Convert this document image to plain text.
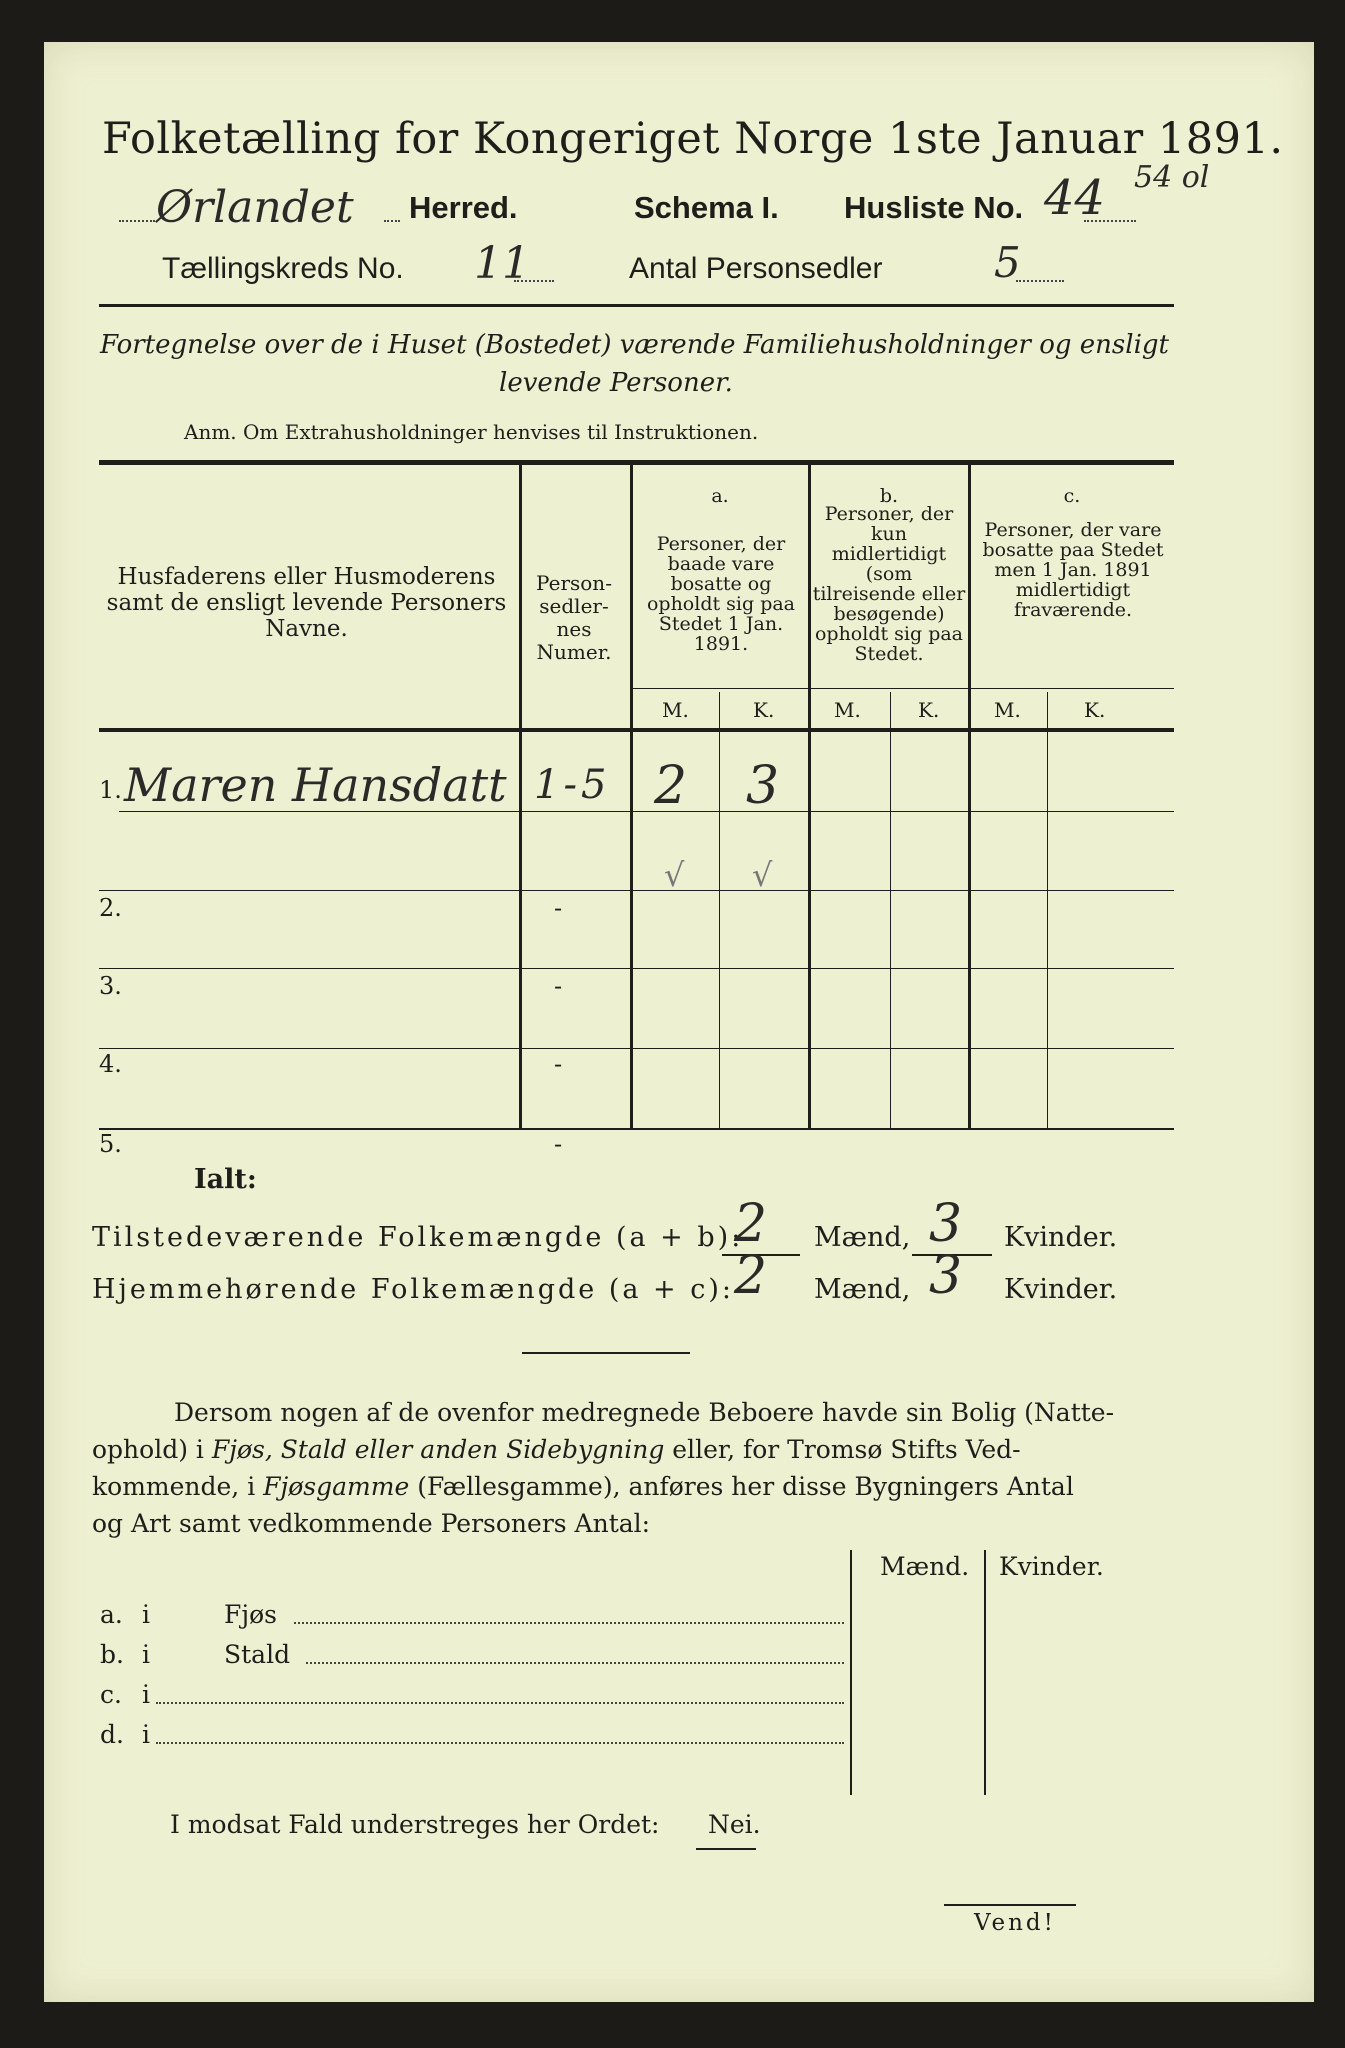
Folketælling for Kongeriget Norge 1ste Januar 1891.
54 ol
Ørlandet Herred.	Schema I. Husliste No. 44
Tællingskreds No. 11	Antal Personsedler	5
Fortegnelse over de i Huset (Bostedet) værende Familiehusholdninger og ensligt
levende Personer.
Anm. Om Extrahusholdninger henvises til Instruktionen.
Husfaderens eller Husmoderens samt de ensligt levende Personers Navne.
Person-sedler-nes Numer.
a.
Personer, der baade vare bosatte og opholdt sig paa Stedet 1 Jan. 1891.
b.
Personer, der kun midlertidigt (som tilreisende eller besøgende) opholdt sig paa Stedet.
c.
Personer, der vare bosatte paa Stedet men 1 Jan. 1891 midlertidigt fraværende.
M.	K.	M.	K.	M.	K.
1. Maren Hansdatt 1-5 2 3
2.	-
√ √
3.	-
4.	-
5.	-
Ialt:
Tilstedeværende Folkemængde (a + b):
2 Mænd, 3 Kvinder.
Hjemmehørende Folkemængde (a + c): 2 Mænd, 3 Kvinder.
Dersom nogen af de ovenfor medregnede Beboere havde sin Bolig (Natte-
ophold) i Fjøs, Stald eller anden Sidebygning eller, for Tromsø Stifts Ved-
kommende, i Fjøsgamme (Fællesgamme), anføres her disse Bygningers Antal
og Art samt vedkommende Personers Antal:
Mænd. Kvinder.
a. i	Fjøs
b. i	Stald
c. i
d. i
I modsat Fald understreges her Ordet: Nei.
Vend!
